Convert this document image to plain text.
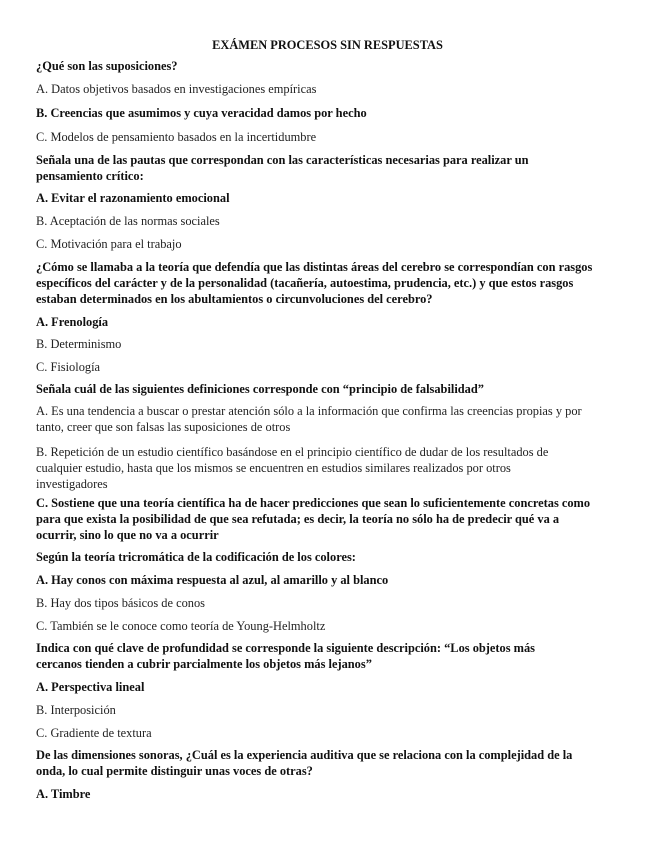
EXÁMEN PROCESOS SIN RESPUESTAS

¿Qué son las suposiciones?

A. Datos objetivos basados en investigaciones empíricas

B. Creencias que asumimos y cuya veracidad damos por hecho

C. Modelos de pensamiento basados en la incertidumbre

Señala una de las pautas que correspondan con las características necesarias para realizar un pensamiento crítico:

A. Evitar el razonamiento emocional

B. Aceptación de las normas sociales

C. Motivación para el trabajo

¿Cómo se llamaba a la teoría que defendía que las distintas áreas del cerebro se correspondían con rasgos específicos del carácter y de la personalidad (tacañería, autoestima, prudencia, etc.) y que estos rasgos estaban determinados en los abultamientos o circunvoluciones del cerebro?

A. Frenología

B. Determinismo

C. Fisiología

Señala cuál de las siguientes definiciones corresponde con “principio de falsabilidad”

A. Es una tendencia a buscar o prestar atención sólo a la información que confirma las creencias propias y por tanto, creer que son falsas las suposiciones de otros

B. Repetición de un estudio científico basándose en el principio científico de dudar de los resultados de cualquier estudio, hasta que los mismos se encuentren en estudios similares realizados por otros investigadores

C. Sostiene que una teoría científica ha de hacer predicciones que sean lo suficientemente concretas como para que exista la posibilidad de que sea refutada; es decir, la teoría no sólo ha de predecir qué va a ocurrir, sino lo que no va a ocurrir

Según la teoría tricromática de la codificación de los colores:

A. Hay conos con máxima respuesta al azul, al amarillo y al blanco

B. Hay dos tipos básicos de conos

C. También se le conoce como teoría de Young-Helmholtz

Indica con qué clave de profundidad se corresponde la siguiente descripción: “Los objetos más cercanos tienden a cubrir parcialmente los objetos más lejanos”

A. Perspectiva lineal

B. Interposición

C. Gradiente de textura

De las dimensiones sonoras, ¿Cuál es la experiencia auditiva que se relaciona con la complejidad de la onda, lo cual permite distinguir unas voces de otras?

A. Timbre
